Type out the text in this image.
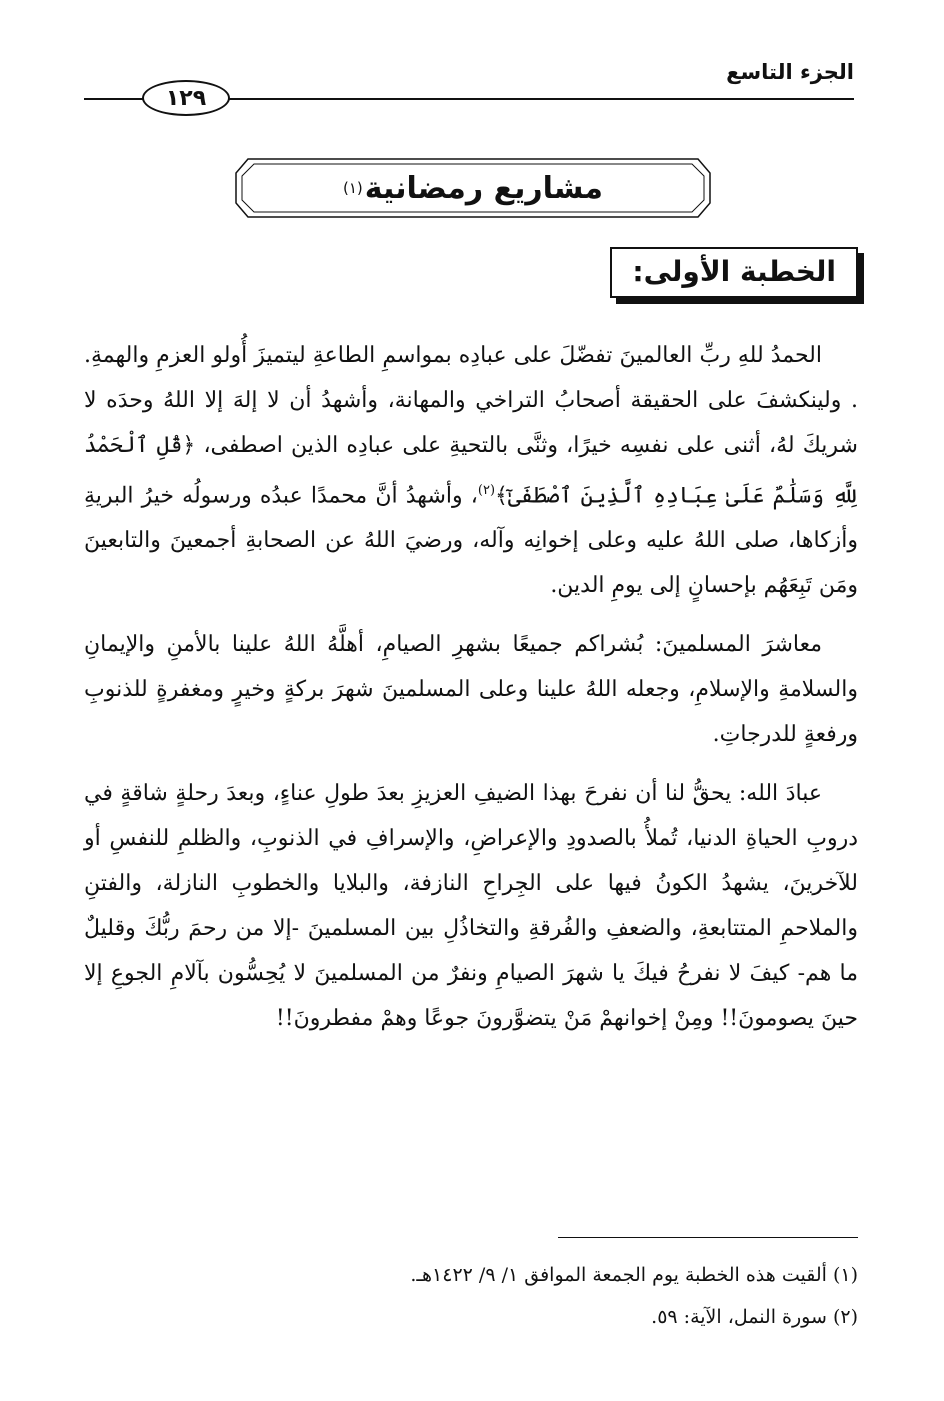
الجزء التاسع
١٢٩
مشاريع رمضانية
(١)
الخطبة الأولى:

الحمدُ للهِ ربِّ العالمينَ تفضّلَ على عبادِه بمواسمِ الطاعةِ ليتميزَ أُولو العزمِ والهمةِ. . ولينكشفَ على الحقيقة أصحابُ التراخي والمهانة، وأشهدُ أن لا إلهَ إلا اللهُ وحدَه لا شريكَ لهُ، أثنى على نفسِه خيرًا، وثنَّى بالتحيةِ على عبادِه الذين اصطفى، ﴿قُلِ ٱلْحَمْدُ لِلَّهِ وَسَلَٰمٌ عَلَىٰ عِبَادِهِ ٱلَّذِينَ ٱصْطَفَىٰٓ﴾$^{(٢)}$، وأشهدُ أنَّ محمدًا عبدُه ورسولُه خيرُ البريةِ وأزكاها، صلى اللهُ عليه وعلى إخوانِه وآله، ورضيَ اللهُ عن الصحابةِ أجمعينَ والتابعينَ ومَن تَبِعَهُم بإحسانٍ إلى يومِ الدين.

معاشرَ المسلمينَ: بُشراكم جميعًا بشهرِ الصيامِ، أهلَّهُ اللهُ علينا بالأمنِ والإيمانِ والسلامةِ والإسلامِ، وجعله اللهُ علينا وعلى المسلمينَ شهرَ بركةٍ وخيرٍ ومغفرةٍ للذنوبِ ورفعةٍ للدرجاتِ.

عبادَ الله: يحقُّ لنا أن نفرحَ بهذا الضيفِ العزيزِ بعدَ طولِ عناءٍ، وبعدَ رحلةٍ شاقةٍ في دروبِ الحياةِ الدنيا، تُملأُ بالصدودِ والإعراضِ، والإسرافِ في الذنوبِ، والظلمِ للنفسِ أو للآخرينَ، يشهدُ الكونُ فيها على الجِراحِ النازفة، والبلايا والخطوبِ النازلة، والفتنِ والملاحمِ المتتابعةِ، والضعفِ والفُرقةِ والتخاذُلِ بين المسلمينَ -إلا من رحمَ ربُّكَ وقليلٌ ما هم- كيفَ لا نفرحُ فيكَ يا شهرَ الصيامِ ونفرٌ من المسلمينَ لا يُحِسُّون بآلامِ الجوعِ إلا حينَ يصومونَ!! ومِنْ إخوانهمْ مَنْ يتضوَّرونَ جوعًا وهمْ مفطرونَ!!

(١) ألقيت هذه الخطبة يوم الجمعة الموافق ١/ ٩/ ١٤٢٢هـ.
(٢) سورة النمل، الآية: ٥٩.
